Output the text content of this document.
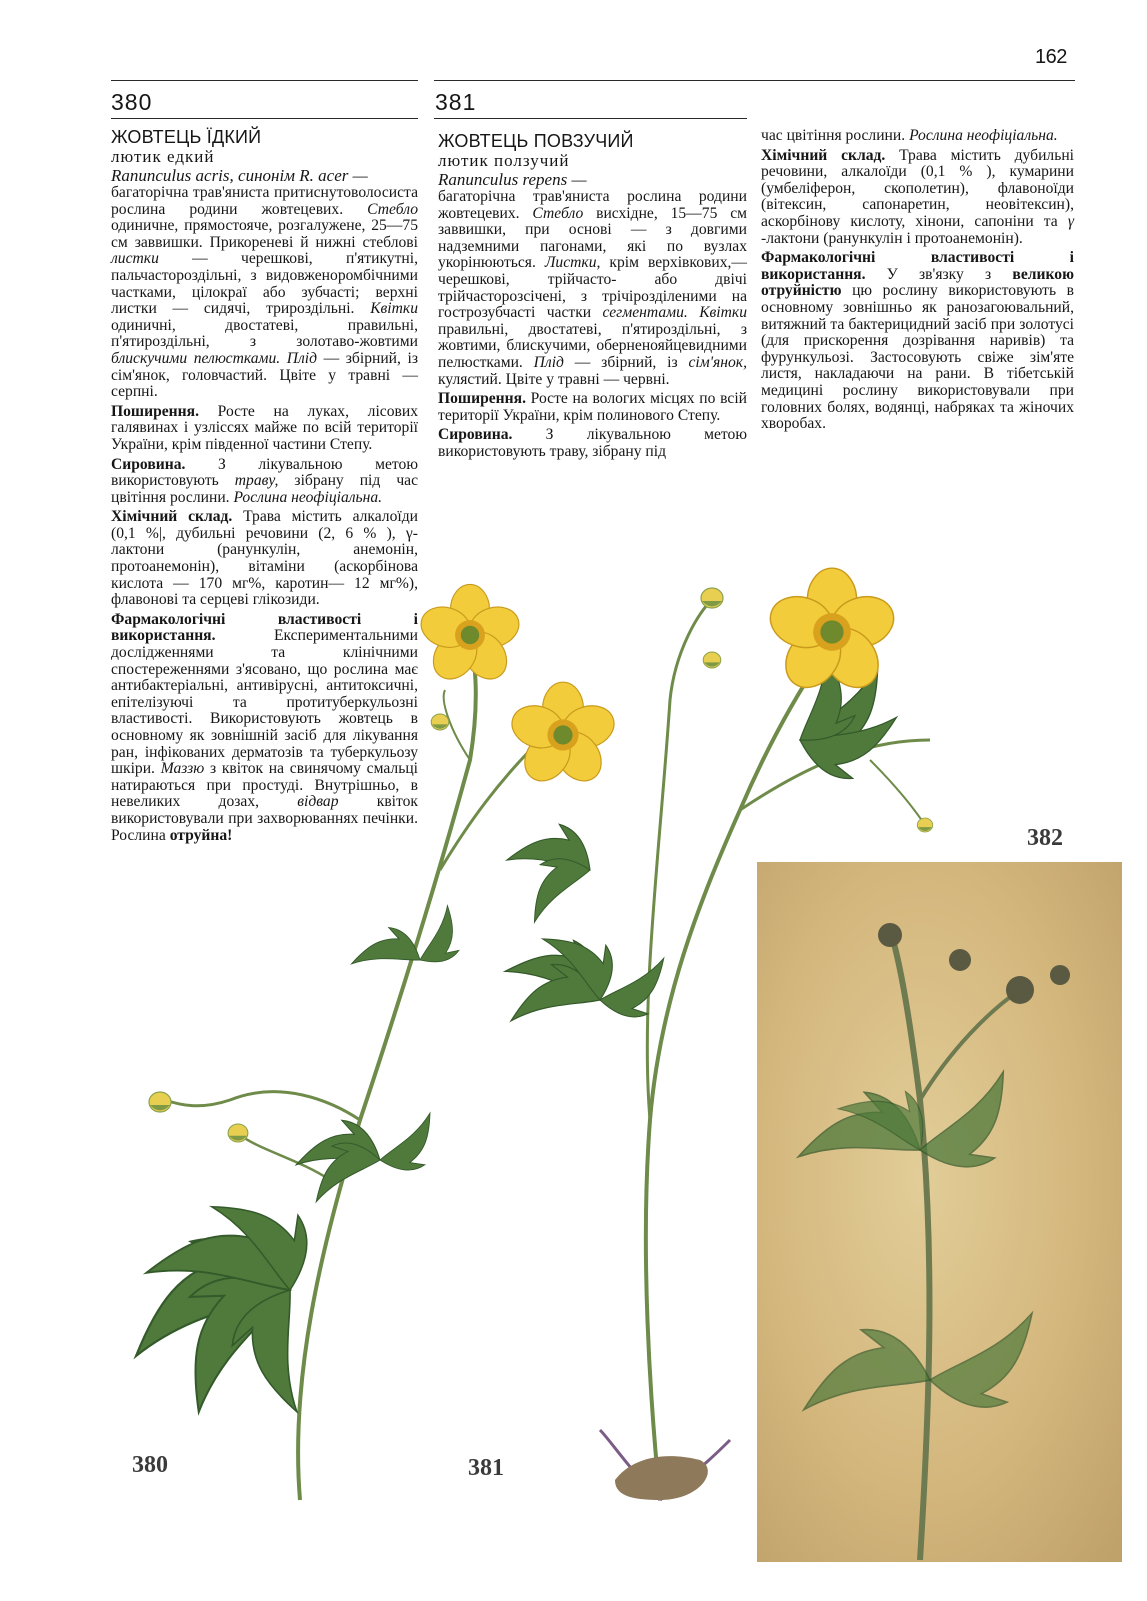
162
380	381
ЖОВТЕЦЬ ЇДКИЙ
лютик едкий
Ranunculus acris, синонім R. acer —

багаторічна трав'яниста притиснутоволосиста рослина родини жовтецевих. Стебло одиничне, прямостояче, розгалужене, 25—75 см заввишки. Прикореневі й нижні стеблові листки — черешкові, п'ятикутні, пальчастороздільні, з видовженоромбічними частками, цілокраї або зубчасті; верхні листки — сидячі, трироздільні. Квітки одиничні, двостатеві, правильні, п'ятироздільні, з золотаво-жовтими блискучими пелюстками. Плід — збірний, із сім'янок, головчастий. Цвіте у травні — серпні.

Поширення. Росте на луках, лісових галявинах і узліссях майже по всій території України, крім південної частини Степу.

Сировина. З лікувальною метою використовують траву, зібрану під час цвітіння рослини. Рослина неофіціальна.

Хімічний склад. Трава містить алкалоїди (0,1 %|, дубильні речовини (2, 6 % ), γ-лактони (ранункулін, анемонін, протоанемонін), вітаміни (аскорбінова кислота — 170 мг%, каротин— 12 мг%), флавонові та серцеві глікозиди.

Фармакологічні властивості і використання. Експериментальними дослідженнями та клінічними спостереженнями з'ясовано, що рослина має антибактеріальні, антивірусні, антитоксичні, епітелізуючі та протитуберкульозні властивості. Використовують жовтець в основному як зовнішній засіб для лікування ран, інфікованих дерматозів та туберкульозу шкіри. Маззю з квіток на свинячому смальці натираються при простуді. Внутрішньо, в невеликих дозах, відвар квіток використовували при захворюваннях печінки. Рослина отруйна!

ЖОВТЕЦЬ ПОВЗУЧИЙ
лютик ползучий
Ranunculus repens —

багаторічна трав'яниста рослина родини жовтецевих. Стебло висхідне, 15—75 см заввишки, при основі — з довгими надземними пагонами, які по вузлах укорінюються. Листки, крім верхівкових,— черешкові, трійчасто- або двічі трійчасторозсічені, з трічірозділеними на гострозубчасті частки сегментами. Квітки правильні, двостатеві, п'ятироздільні, з жовтими, блискучими, оберненояйцевидними пелюстками. Плід — збірний, із сім'янок, кулястий. Цвіте у травні — червні.

Поширення. Росте на вологих місцях по всій території України, крім полинового Степу.

Сировина. З лікувальною метою використовують траву, зібрану під

час цвітіння рослини. Рослина неофіціальна.

Хімічний склад. Трава містить дубильні речовини, алкалоїди (0,1 % ), кумарини (умбеліферон, скополетин), флавоноїди (вітексин, сапонаретин, неовітексин), аскорбінову кислоту, хінони, сапоніни та γ -лактони (ранункулін і протоанемонін).

Фармакологічні властивості і використання. У зв'язку з великою отруйністю цю рослину використовують в основному зовнішньо як ранозагоювальний, витяжний та бактерицидний засіб при золотусі (для прискорення дозрівання наривів) та фурункульозі. Застосовують свіже зім'яте листя, накладаючи на рани. В тібетській медицині рослину використовували при головних болях, водянці, набряках та жіночих хворобах.

380	381
382
